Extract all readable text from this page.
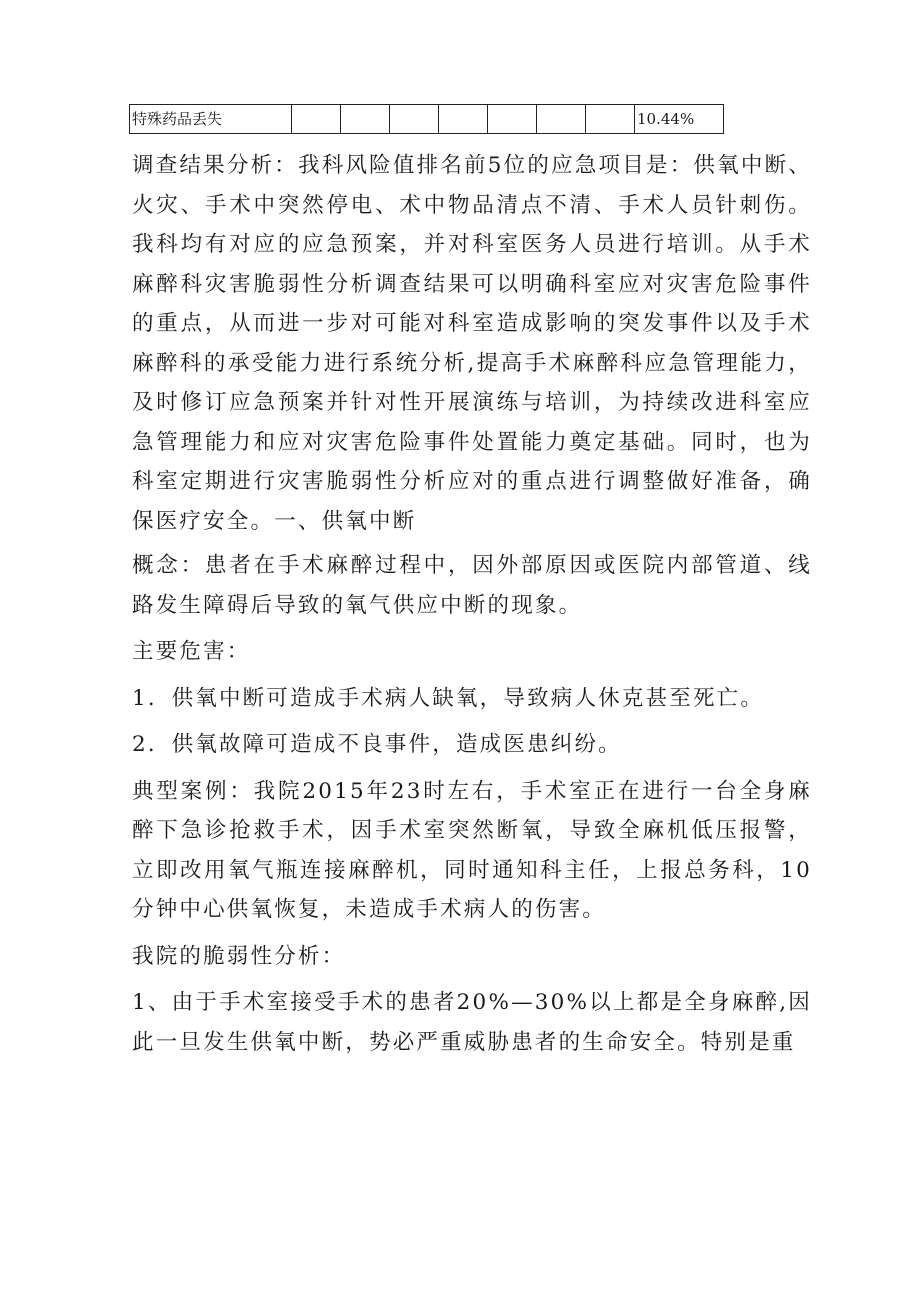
特殊药品丢失								10.44%

调查结果分析：我科风险值排名前5位的应急项目是：供氧中断、火灾、手术中突然停电、术中物品清点不清、手术人员针刺伤。我科均有对应的应急预案，并对科室医务人员进行培训。从手术麻醉科灾害脆弱性分析调查结果可以明确科室应对灾害危险事件的重点，从而进一步对可能对科室造成影响的突发事件以及手术麻醉科的承受能力进行系统分析,提高手术麻醉科应急管理能力，及时修订应急预案并针对性开展演练与培训，为持续改进科室应急管理能力和应对灾害危险事件处置能力奠定基础。同时，也为科室定期进行灾害脆弱性分析应对的重点进行调整做好准备，确保医疗安全。一、供氧中断

概念：患者在手术麻醉过程中，因外部原因或医院内部管道、线路发生障碍后导致的氧气供应中断的现象。

主要危害：

1．供氧中断可造成手术病人缺氧，导致病人休克甚至死亡。

2．供氧故障可造成不良事件，造成医患纠纷。

典型案例：我院2015年23时左右，手术室正在进行一台全身麻醉下急诊抢救手术，因手术室突然断氧，导致全麻机低压报警，立即改用氧气瓶连接麻醉机，同时通知科主任，上报总务科，10分钟中心供氧恢复，未造成手术病人的伤害。

我院的脆弱性分析：

1、由于手术室接受手术的患者20%—30%以上都是全身麻醉,因此一旦发生供氧中断，势必严重威胁患者的生命安全。特别是重
